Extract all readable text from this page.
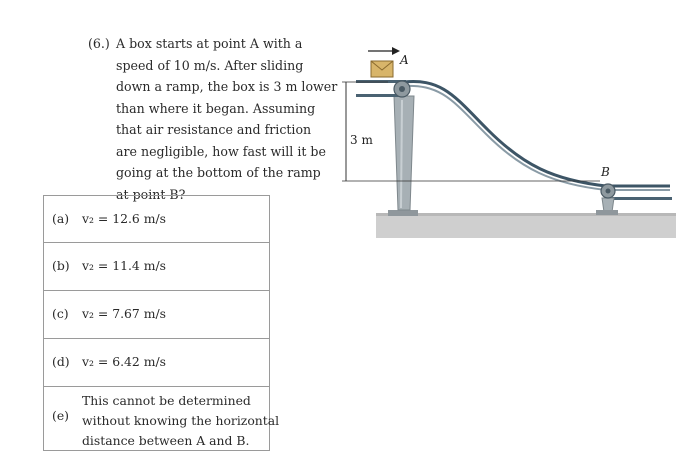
(6.) A box starts at point A with a
speed of 10 m/s. After sliding
down a ramp, the box is 3 m lower
than where it began. Assuming
that air resistance and friction
are negligible, how fast will it be
going at the bottom of the ramp
at point B?
(a) v₂ = 12.6 m/s
(b) v₂ = 11.4 m/s
(c) v₂ = 7.67 m/s
(d) v₂ = 6.42 m/s
(e)
This cannot be determined
without knowing the horizontal
distance between A and B.
A
3 m
B
